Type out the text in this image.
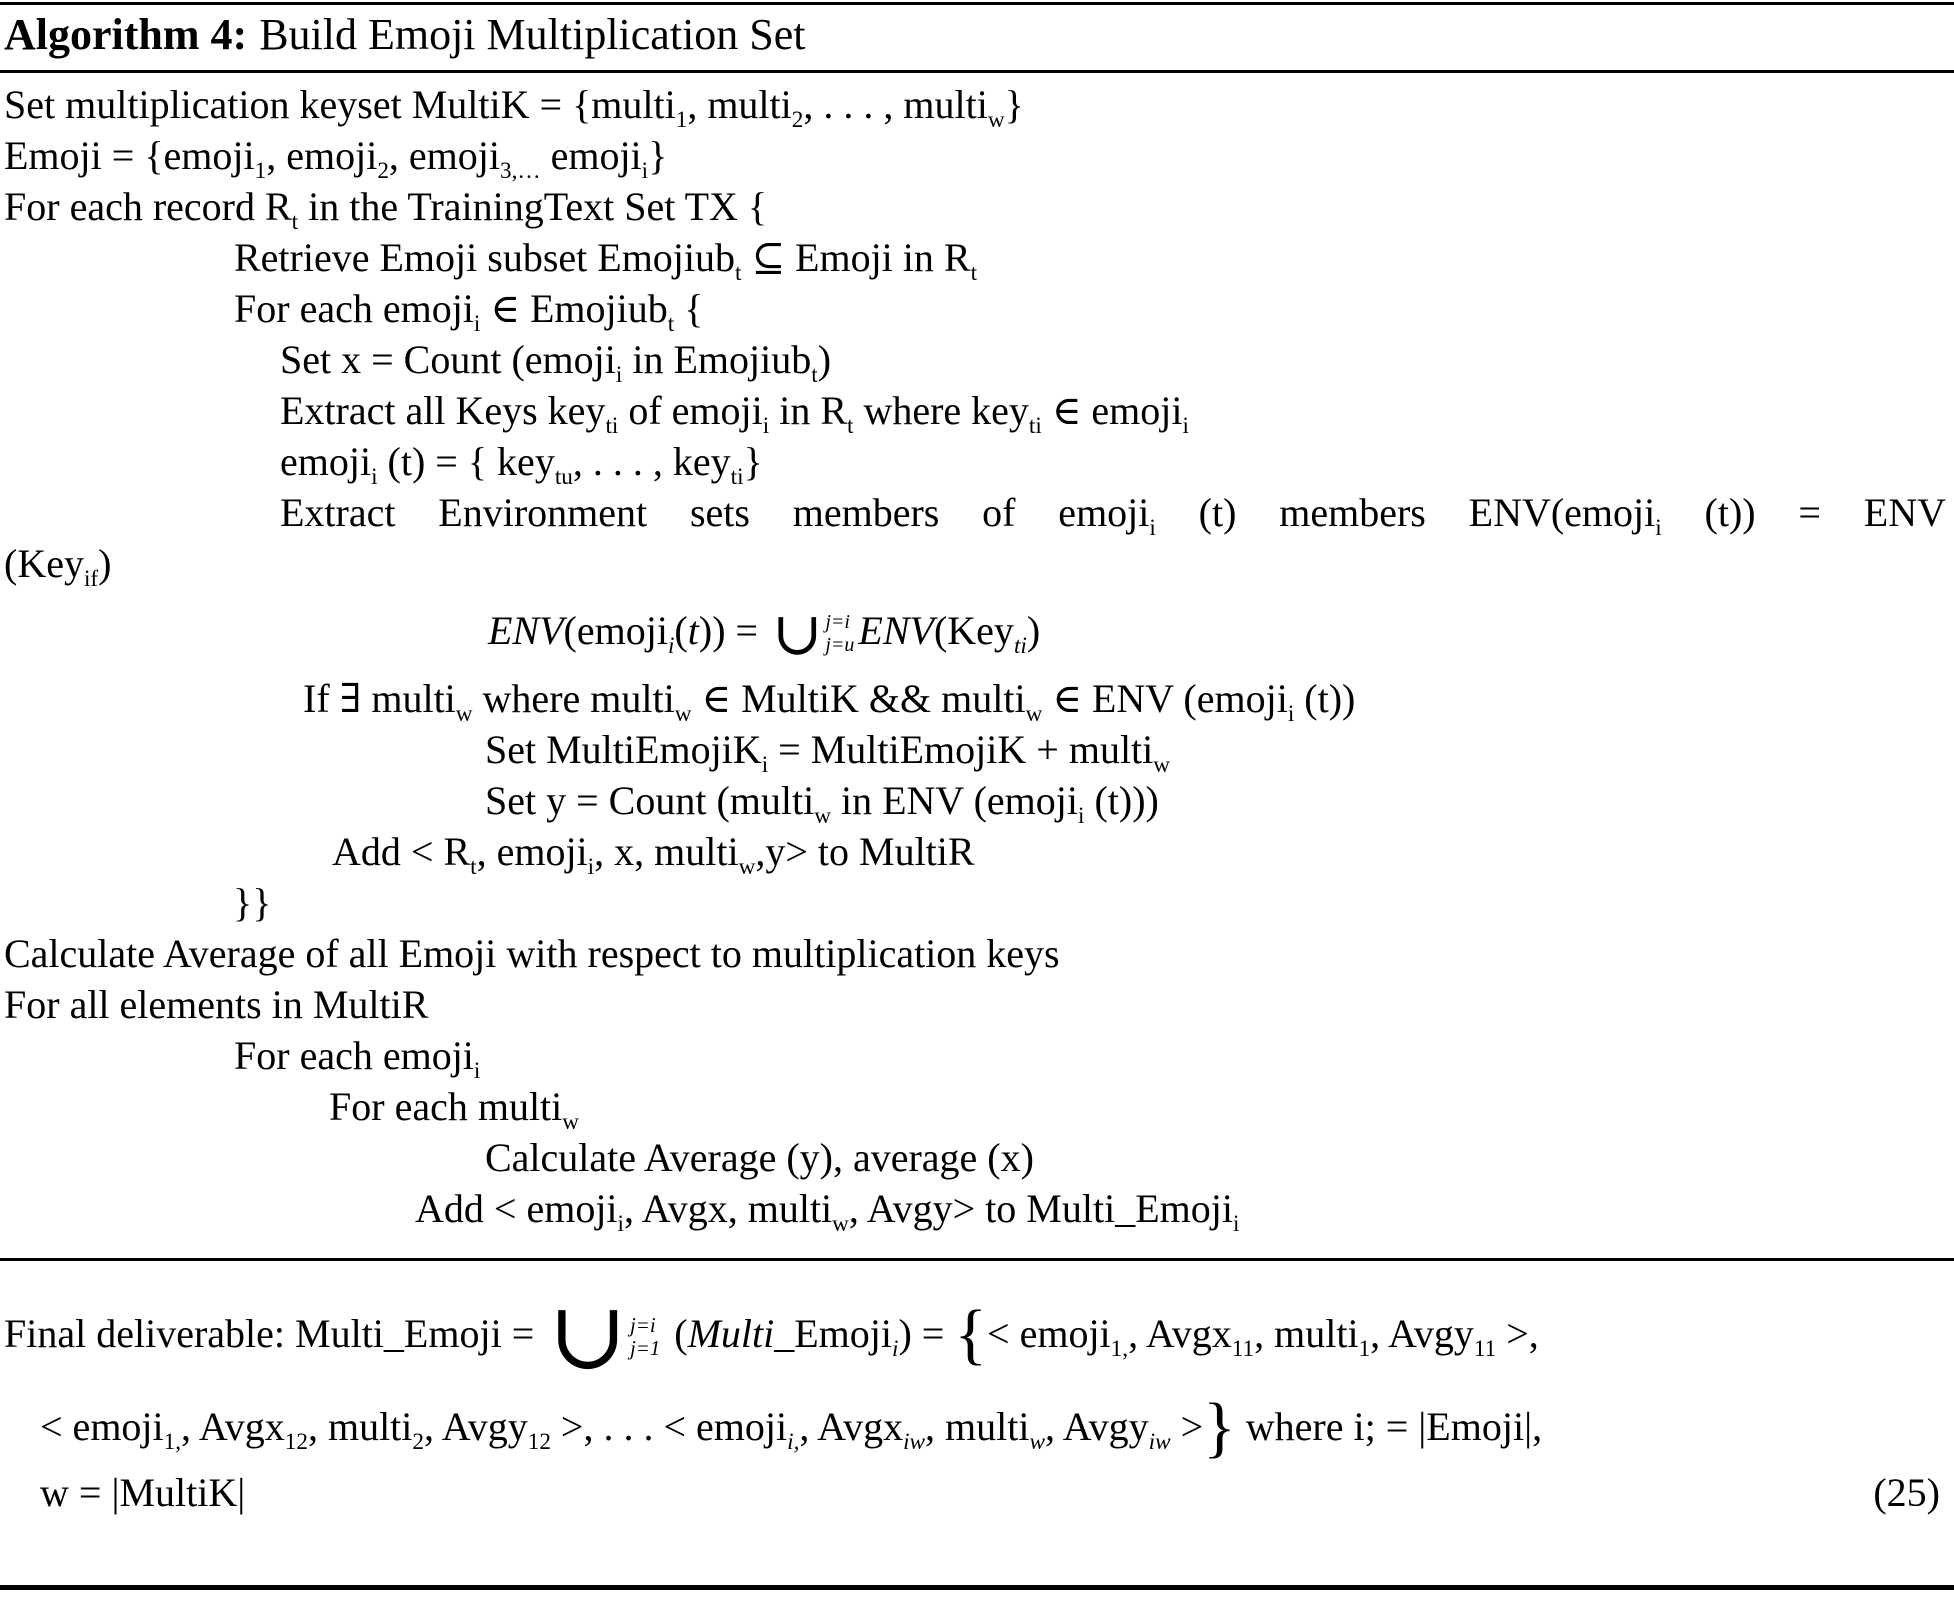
Algorithm 4: Build Emoji Multiplication Set
Set multiplication keyset MultiK = {multi$_1$, multi$_2$, . . . , multi$_w$}
Emoji = {emoji$_1$, emoji$_2$, emoji$_{3,\dots}$ emoji$_i$}
For each record $R_t$ in the TrainingText Set TX {
Retrieve Emoji subset Emojiub$_t$ ⊆ Emoji in $R_t$
For each emoji$_i$ ∈ Emojiub$_t$ {
Set x = Count (emoji$_i$ in Emojiub$_t$)
Extract all Keys key$_{ti}$ of emoji$_i$ in $R_t$ where key$_{ti}$ ∈ emoji$_i$
emoji$_i$ (t) = { key$_{tu}$, . . . , key$_{ti}$}
Extract Environment sets members of emoji$_i$ (t) members ENV(emoji$_i$ (t)) = ENV
(Key$_{if}$)
ENV(emoji$_i$(t)) = ∪ j=i
j=u ENV(Key$_{ti}$)
If ∃ multi$_w$ where multi$_w$ ∈ MultiK && multi$_w$ ∈ ENV (emoji$_i$ (t))
Set MultiEmojiK$_i$ = MultiEmojiK + multi$_w$
Set y = Count (multi$_w$ in ENV (emoji$_i$ (t)))
Add < $R_t$, emoji$_i$, x, multi$_w$,y> to MultiR
}}
Calculate Average of all Emoji with respect to multiplication keys
For all elements in MultiR
For each emoji$_i$
For each multi$_w$
Calculate Average (y), average (x)
Add < emoji$_i$, Avgx, multi$_w$, Avgy> to Multi_Emoji$_i$
Final deliverable: Multi_Emoji = ∪ j=i
j=1 (Multi_Emoji$_i$) = {< emoji$_{1,}$, Avgx$_{11}$, multi$_1$, Avgy$_{11}$ >,
< emoji$_{1,}$, Avgx$_{12}$, multi$_2$, Avgy$_{12}$ >, . . . < emoji$_{i,}$, Avgx$_{iw}$, multi$_w$, Avgy$_{iw}$ >} where i; = |Emoji|,
w = |MultiK|	(25)
